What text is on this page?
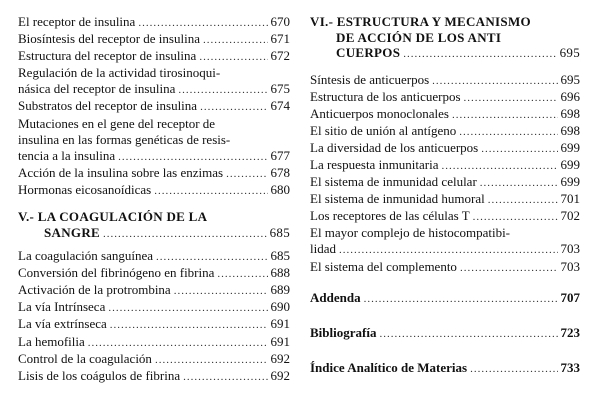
El receptor de insulina .....	670
Biosíntesis del receptor de insulina .....	671
Estructura del receptor de insulina .....	672
Regulación de la actividad tirosinoqui-
násica del receptor de insulina .....	675
Substratos del receptor de insulina .....	674
Mutaciones en el gene del receptor de
insulina en las formas genéticas de resis-
tencia a la insulina .....	677
Acción de la insulina sobre las enzimas .....	678
Hormonas eicosanoídicas .....	680
V.- LA COAGULACIÓN DE LA
SANGRE .....	685
La coagulación sanguínea .....	685
Conversión del fibrinógeno en fibrina .....	688
Activación de la protrombina .....	689
La vía Intrínseca .....	690
La vía extrínseca .....	691
La hemofilia .....	691
Control de la coagulación .....	692
Lisis de los coágulos de fibrina .....	692
VI.- ESTRUCTURA Y MECANISMO
DE ACCIÓN DE LOS ANTI
CUERPOS .....	695
Síntesis de anticuerpos .....	695
Estructura de los anticuerpos .....	696
Anticuerpos monoclonales .....	698
El sitio de unión al antígeno .....	698
La diversidad de los anticuerpos .....	699
La respuesta inmunitaria .....	699
El sistema de inmunidad celular .....	699
El sistema de inmunidad humoral .....	701
Los receptores de las células T .....	702
El mayor complejo de histocompatibi-
lidad .....	703
El sistema del complemento .....	703
Addenda .....	707
Bibliografía .....	723
Índice Analítico de Materias .....	733
